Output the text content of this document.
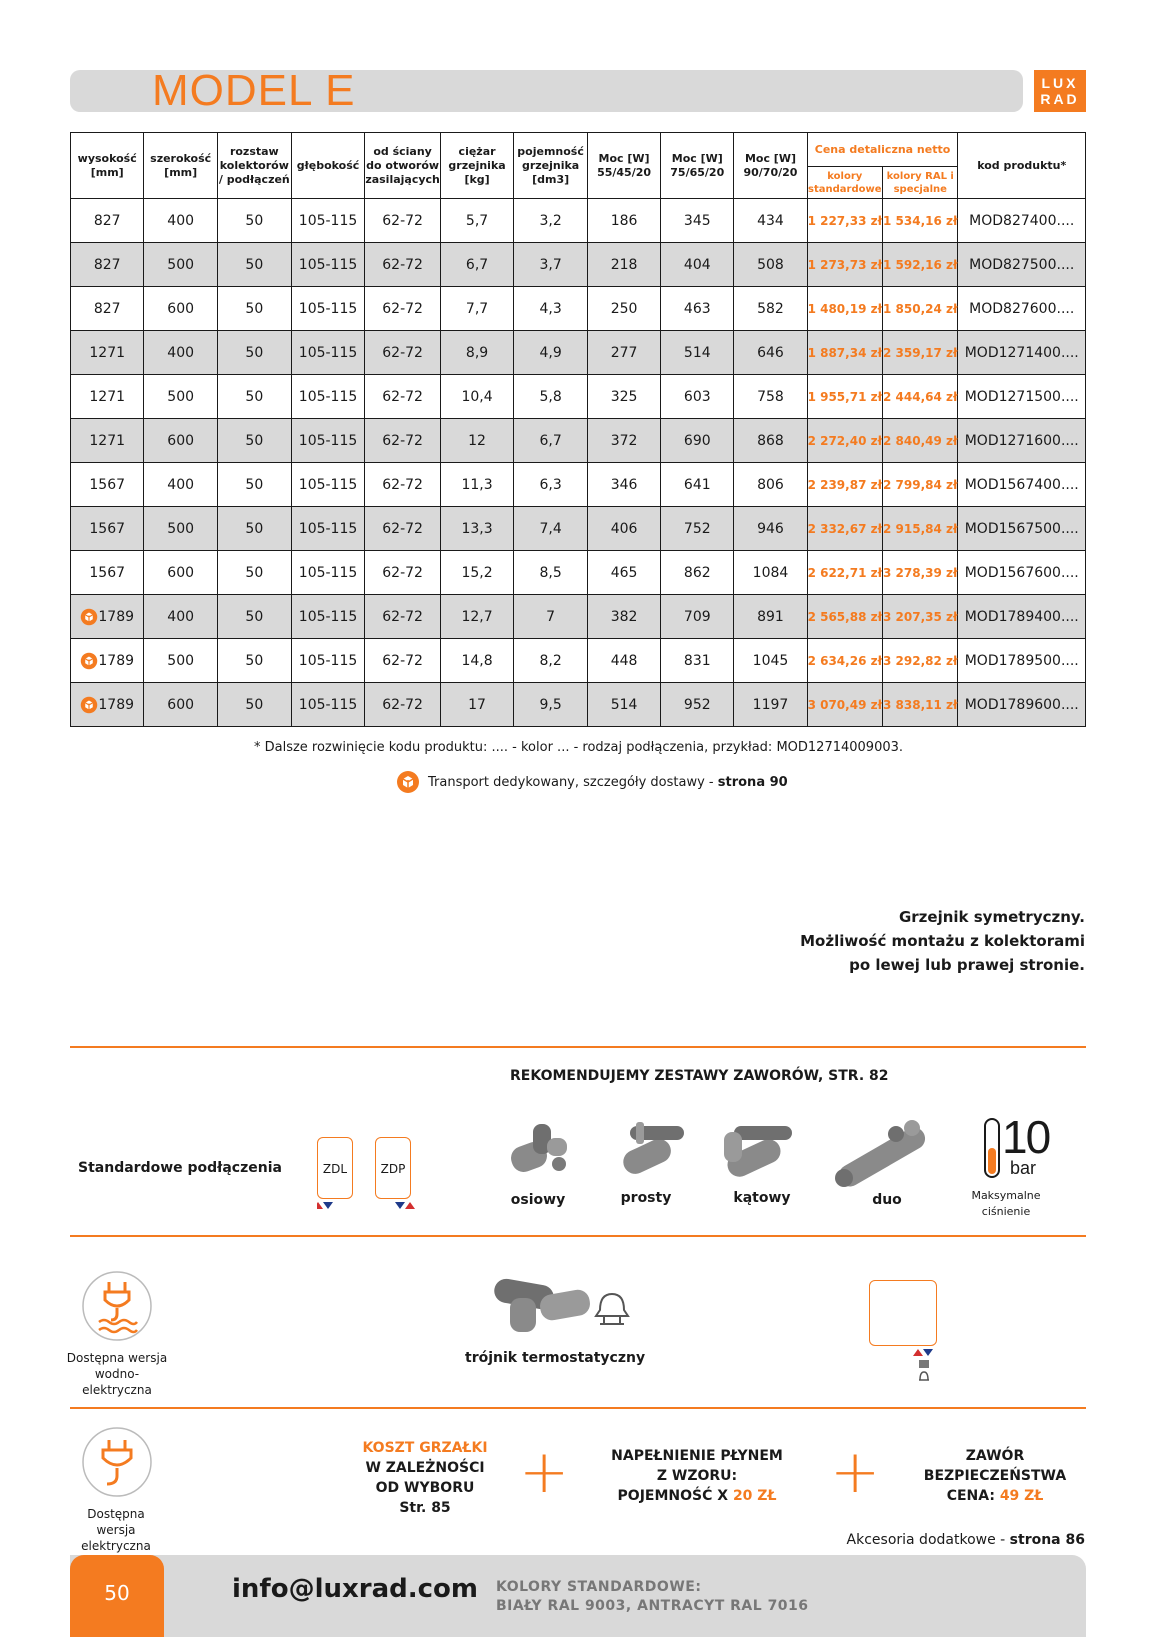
MODEL E	LUX
RAD
wysokość [mm]	szerokość [mm]	rozstaw kolektorów / podłączeń	głębokość	od ściany do otworów zasilających	ciężar grzejnika [kg]	pojemność grzejnika [dm3]	Moc [W] 55/45/20	Moc [W] 75/65/20	Moc [W] 90/70/20	Cena detaliczna netto		kod produktu*
										kolory standardowe	kolory RAL i specjalne	
827	400	50	105-115	62-72	5,7	3,2	186	345	434	1 227,33 zł	1 534,16 zł	MOD827400....
827	500	50	105-115	62-72	6,7	3,7	218	404	508	1 273,73 zł	1 592,16 zł	MOD827500....
827	600	50	105-115	62-72	7,7	4,3	250	463	582	1 480,19 zł	1 850,24 zł	MOD827600....
1271	400	50	105-115	62-72	8,9	4,9	277	514	646	1 887,34 zł	2 359,17 zł	MOD1271400....
1271	500	50	105-115	62-72	10,4	5,8	325	603	758	1 955,71 zł	2 444,64 zł	MOD1271500....
1271	600	50	105-115	62-72	12	6,7	372	690	868	2 272,40 zł	2 840,49 zł	MOD1271600....
1567	400	50	105-115	62-72	11,3	6,3	346	641	806	2 239,87 zł	2 799,84 zł	MOD1567400....
1567	500	50	105-115	62-72	13,3	7,4	406	752	946	2 332,67 zł	2 915,84 zł	MOD1567500....
1567	600	50	105-115	62-72	15,2	8,5	465	862	1084	2 622,71 zł	3 278,39 zł	MOD1567600....
1789	400	50	105-115	62-72	12,7	7	382	709	891	2 565,88 zł	3 207,35 zł	MOD1789400....
1789	500	50	105-115	62-72	14,8	8,2	448	831	1045	2 634,26 zł	3 292,82 zł	MOD1789500....
1789	600	50	105-115	62-72	17	9,5	514	952	1197	3 070,49 zł	3 838,11 zł	MOD1789600....
* Dalsze rozwinięcie kodu produktu: .... - kolor ... - rodzaj podłączenia, przykład: MOD12714009003.
Transport dedykowany, szczegóły dostawy - strona 90
Grzejnik symetryczny.
Możliwość montażu z kolektorami
po lewej lub prawej stronie.
REKOMENDUJEMY ZESTAWY ZAWORÓW, STR. 82
Standardowe podłączenia	ZDL	ZDP
osiowy	prosty	kątowy	duo
10
bar
Maksymalne
ciśnienie
Dostępna wersja
wodno-elektryczna
trójnik termostatyczny
Dostępna wersja
elektryczna
KOSZT GRZAŁKI
W ZALEŻNOŚCI
OD WYBORU
Str. 85
+	NAPEŁNIENIE PŁYNEM
Z WZORU:
POJEMNOŚĆ X 20 ZŁ +	ZAWÓR
BEZPIECZEŃSTWA
CENA: 49 ZŁ
Akcesoria dodatkowe - strona 86
50	info@luxrad.com KOLORY STANDARDOWE:
BIAŁY RAL 9003, ANTRACYT RAL 7016
